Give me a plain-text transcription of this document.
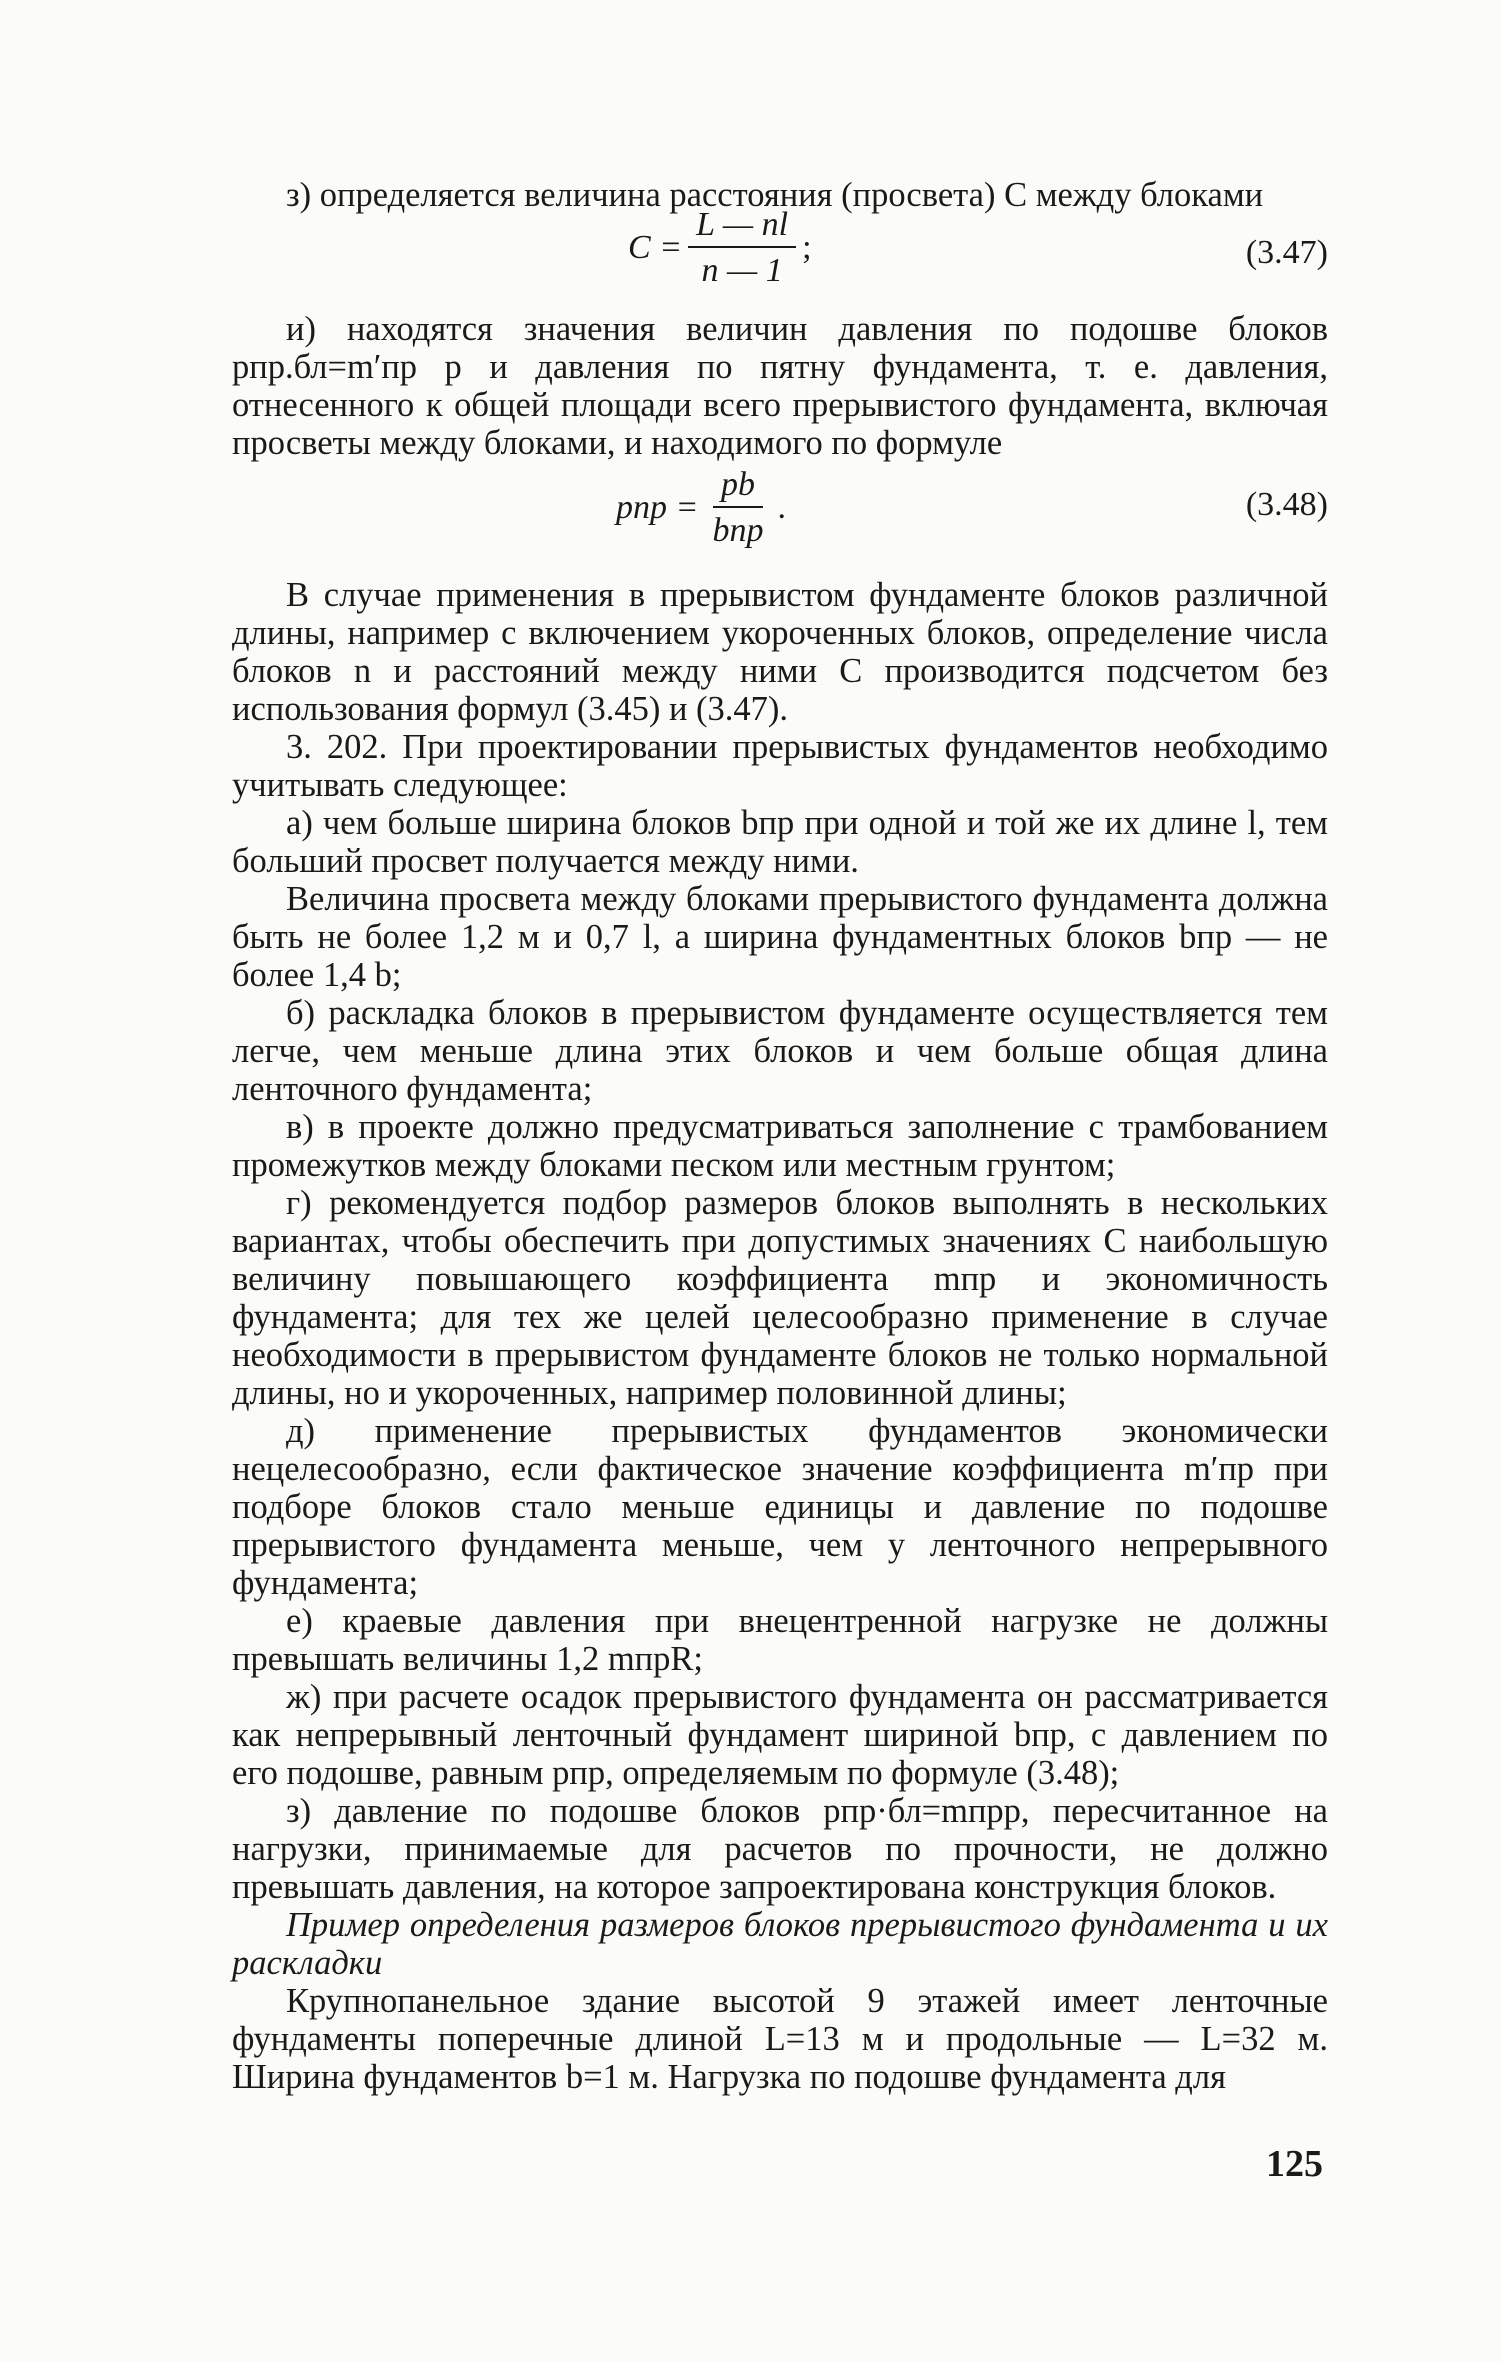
з) определяется величина расстояния (просвета) C между блоками

$C = \frac{L — nl}{n — 1}$ ;	(3.47)

и) находятся значения величин давления по подошве блоков pпр.бл=m′пр p и давления по пятну фундамента, т. е. давления, отнесенного к общей площади всего прерывистого фундамента, включая просветы между блоками, и находимого по формуле

pпр = $\frac{pb}{\text{bпр}}$ .	(3.48)

В случае применения в прерывистом фундаменте блоков различной длины, например с включением укороченных блоков, определение числа блоков n и расстояний между ними C производится подсчетом без использования формул (3.45) и (3.47).

3. 202. При проектировании прерывистых фундаментов необходимо учитывать следующее:

а) чем больше ширина блоков bпр при одной и той же их длине l, тем больший просвет получается между ними.

Величина просвета между блоками прерывистого фундамента должна быть не более 1,2 м и 0,7 l, а ширина фундаментных блоков bпр — не более 1,4 b;

б) раскладка блоков в прерывистом фундаменте осуществляется тем легче, чем меньше длина этих блоков и чем больше общая длина ленточного фундамента;

в) в проекте должно предусматриваться заполнение с трамбованием промежутков между блоками песком или местным грунтом;

г) рекомендуется подбор размеров блоков выполнять в нескольких вариантах, чтобы обеспечить при допустимых значениях C наибольшую величину повышающего коэффициента mпр и экономичность фундамента; для тех же целей целесообразно применение в случае необходимости в прерывистом фундаменте блоков не только нормальной длины, но и укороченных, например половинной длины;

д) применение прерывистых фундаментов экономически нецелесообразно, если фактическое значение коэффициента m′пр при подборе блоков стало меньше единицы и давление по подошве прерывистого фундамента меньше, чем у ленточного непрерывного фундамента;

е) краевые давления при внецентренной нагрузке не должны превышать величины 1,2 mпрR;

ж) при расчете осадок прерывистого фундамента он рассматривается как непрерывный ленточный фундамент шириной bпр, с давлением по его подошве, равным pпр, определяемым по формуле (3.48);

з) давление по подошве блоков pпр·бл=mпрp, пересчитанное на нагрузки, принимаемые для расчетов по прочности, не должно превышать давления, на которое запроектирована конструкция блоков.

Пример определения размеров блоков прерывистого фундамента и их раскладки

Крупнопанельное здание высотой 9 этажей имеет ленточные фундаменты поперечные длиной L=13 м и продольные — L=32 м. Ширина фундаментов b=1 м. Нагрузка по подошве фундамента для

125
